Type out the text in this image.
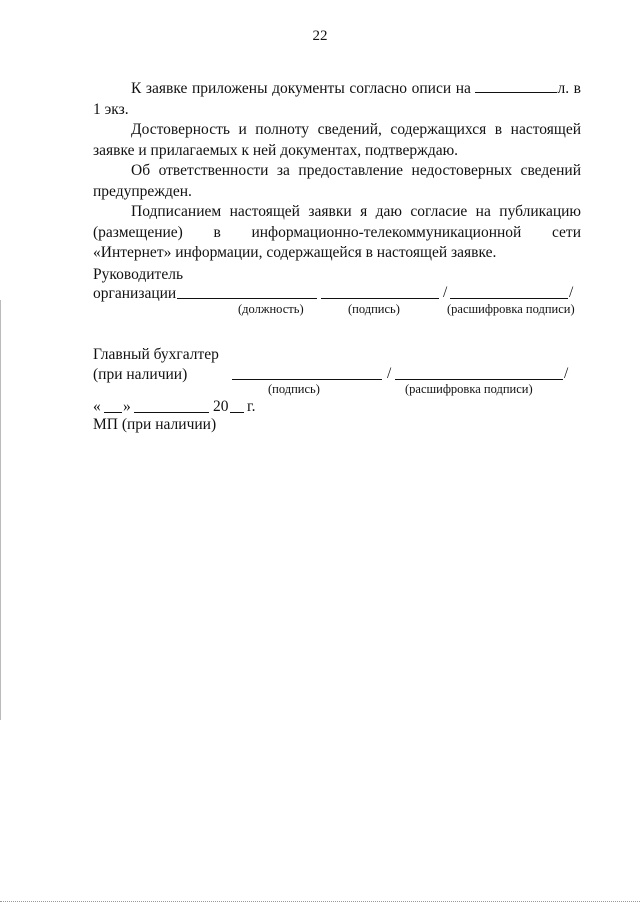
22

К заявке приложены документы согласно описи на	л. в 1 экз.

Достоверность и полноту сведений, содержащихся в настоящей заявке и прилагаемых к ней документах, подтверждаю.

Об ответственности за предоставление недостоверных сведений предупрежден.

Подписанием настоящей заявки я даю согласие на публикацию (размещение) в информационно-телекоммуникационной сети «Интернет» информации, содержащейся в настоящей заявке.

Руководитель
организации	/	/
(должность)	(подпись)	(расшифровка подписи)
Главный бухгалтер
(при наличии)	/	/
(подпись)	(расшифровка подписи)
« »	20 г.
МП (при наличии)
